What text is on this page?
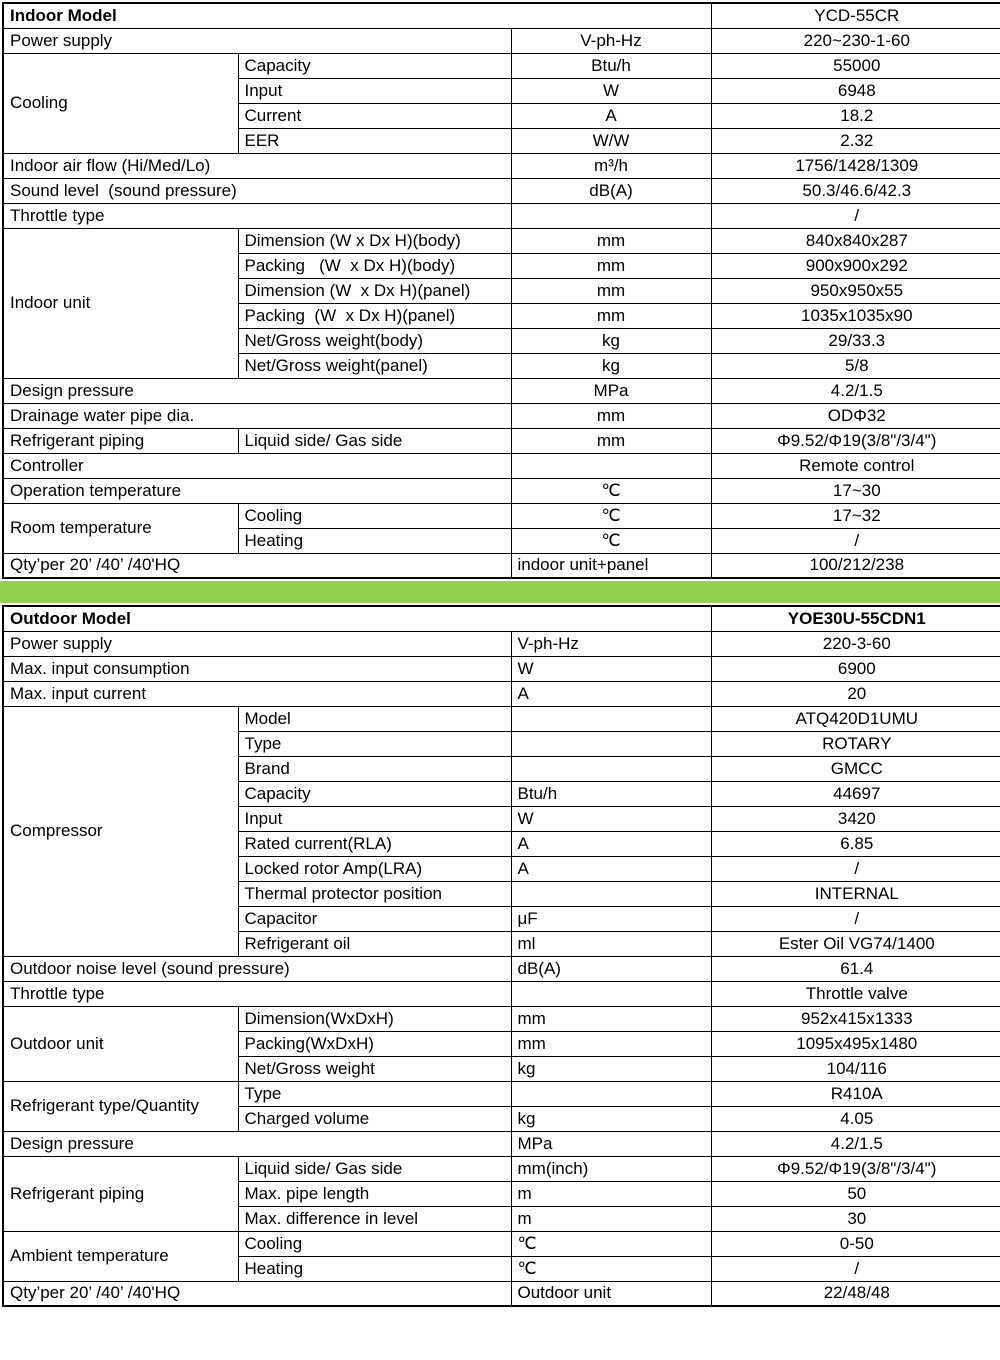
Indoor Model			YCD-55CR
Power supply		V-ph-Hz	220~230-1-60
Cooling	Capacity	Btu/h	55000
	Input	W	6948
	Current	A	18.2
	EER	W/W	2.32
Indoor air flow (Hi/Med/Lo)		m³/h	1756/1428/1309
Sound level  (sound pressure)		dB(A)	50.3/46.6/42.3
Throttle type			/
Indoor unit	Dimension (W x Dx H)(body)	mm	840x840x287
	Packing   (W  x Dx H)(body)	mm	900x900x292
	Dimension (W  x Dx H)(panel)	mm	950x950x55
	Packing  (W  x Dx H)(panel)	mm	1035x1035x90
	Net/Gross weight(body)	kg	29/33.3
	Net/Gross weight(panel)	kg	5/8
Design pressure		MPa	4.2/1.5
Drainage water pipe dia.		mm	ODΦ32
Refrigerant piping	Liquid side/ Gas side	mm	Φ9.52/Φ19(3/8"/3/4")
Controller			Remote control
Operation temperature		℃	17~30
Room temperature	Cooling	℃	17~32
	Heating	℃	/
Qty’per 20’ /40’ /40'HQ		indoor unit+panel	100/212/238
Outdoor Model			YOE30U-55CDN1
Power supply		V-ph-Hz	220-3-60
Max. input consumption		W	6900
Max. input current		A	20
Compressor	Model		ATQ420D1UMU
	Type		ROTARY
	Brand		GMCC
	Capacity	Btu/h	44697
	Input	W	3420
	Rated current(RLA)	A	6.85
	Locked rotor Amp(LRA)	A	/
	Thermal protector position		INTERNAL
	Capacitor	μF	/
	Refrigerant oil	ml	Ester Oil VG74/1400
Outdoor noise level (sound pressure)		dB(A)	61.4
Throttle type			Throttle valve
Outdoor unit	Dimension(WxDxH)	mm	952x415x1333
	Packing(WxDxH)	mm	1095x495x1480
	Net/Gross weight	kg	104/116
Refrigerant type/Quantity	Type		R410A
	Charged volume	kg	4.05
Design pressure		MPa	4.2/1.5
Refrigerant piping	Liquid side/ Gas side	mm(inch)	Φ9.52/Φ19(3/8"/3/4")
	Max. pipe length	m	50
	Max. difference in level	m	30
Ambient temperature	Cooling	℃	0-50
	Heating	℃	/
Qty’per 20’ /40’ /40'HQ		Outdoor unit	22/48/48
